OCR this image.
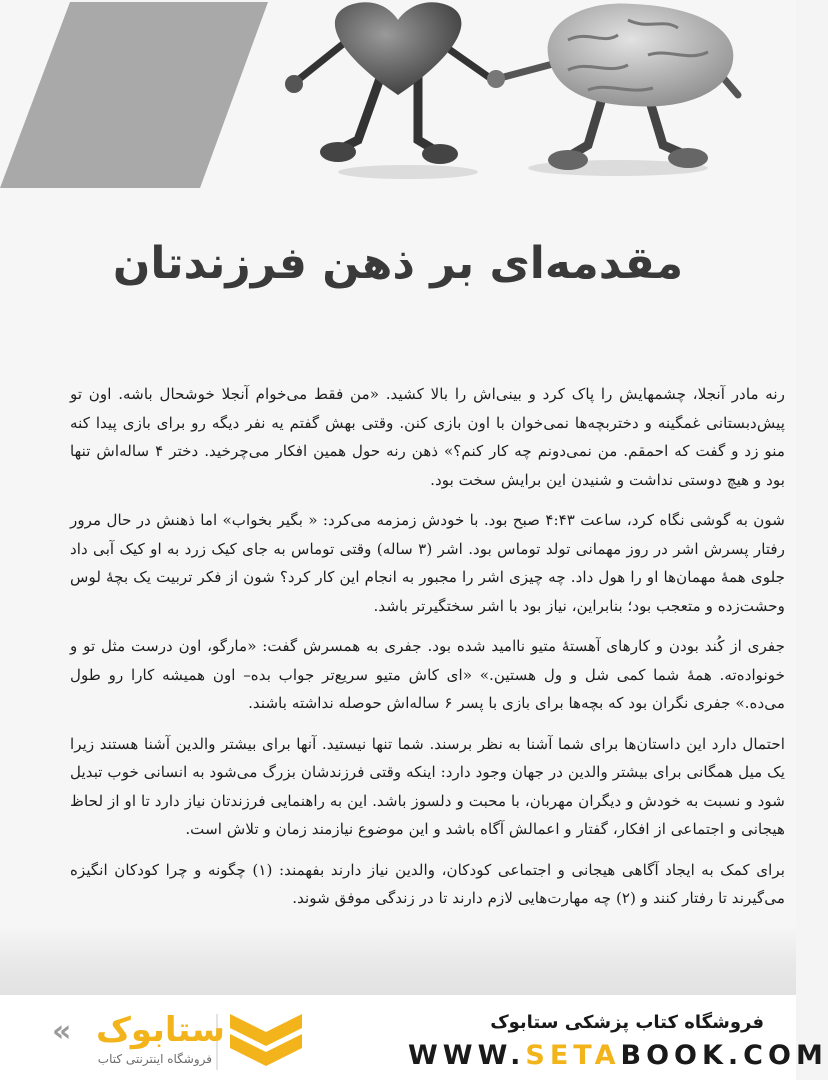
مقدمه‌ای بر ذهن فرزندتان

رنه مادر آنجلا، چشمهایش را پاک کرد و بینی‌اش را بالا کشید. «من فقط می‌خوام آنجلا خوشحال باشه. اون تو پیش‌دبستانی غمگینه و دختربچه‌ها نمی‌خوان با اون بازی کنن. وقتی بهش گفتم یه نفر دیگه رو برای بازی پیدا کنه منو زد و گفت که احمقم. من نمی‌دونم چه کار کنم؟» ذهن رنه حول همین افکار می‌چرخید. دختر ۴ ساله‌اش تنها بود و هیچ دوستی نداشت و شنیدن این برایش سخت بود.

شون به گوشی نگاه کرد، ساعت ۴:۴۳ صبح بود. با خودش زمزمه می‌کرد: « بگیر بخواب» اما ذهنش در حال مرور رفتار پسرش اشر در روز مهمانی تولد توماس بود. اشر (۳ ساله) وقتی توماس به جای کیک زرد به او کیک آبی داد جلوی همهٔ مهمان‌ها او را هول داد. چه چیزی اشر را مجبور به انجام این کار کرد؟ شون از فکر تربیت یک بچهٔ لوس وحشت‌زده و متعجب بود؛ بنابراین، نیاز بود با اشر سختگیرتر باشد.

جفری از کُند بودن و کارهای آهستهٔ متیو ناامید شده بود. جفری به همسرش گفت: «مارگو، اون درست مثل تو و خونواده‌ته. همهٔ شما کمی شل و ول هستین.» «ای کاش متیو سریع‌تر جواب بده– اون همیشه کارا رو طول می‌ده.» جفری نگران بود که بچه‌ها برای بازی با پسر ۶ ساله‌اش حوصله نداشته باشند.

احتمال دارد این داستان‌ها برای شما آشنا به نظر برسند. شما تنها نیستید. آنها برای بیشتر والدین آشنا هستند زیرا یک میل همگانی برای بیشتر والدین در جهان وجود دارد: اینکه وقتی فرزندشان بزرگ می‌شود به انسانی خوب تبدیل شود و نسبت به خودش و دیگران مهربان، با محبت و دلسوز باشد. این به راهنمایی فرزندتان نیاز دارد تا او از لحاظ هیجانی و اجتماعی از افکار، گفتار و اعمالش آگاه باشد و این موضوع نیازمند زمان و تلاش است.

برای کمک به ایجاد آگاهی هیجانی و اجتماعی کودکان، والدین نیاز دارند بفهمند: (۱) چگونه و چرا کودکان انگیزه می‌گیرند تا رفتار کنند و (۲) چه مهارت‌هایی لازم دارند تا در زندگی موفق شوند.

فروشگاه کتاب پزشکی ستابوک
WWW.SETABOOK.COM
« ستابوک
فروشگاه اینترنتی کتاب
